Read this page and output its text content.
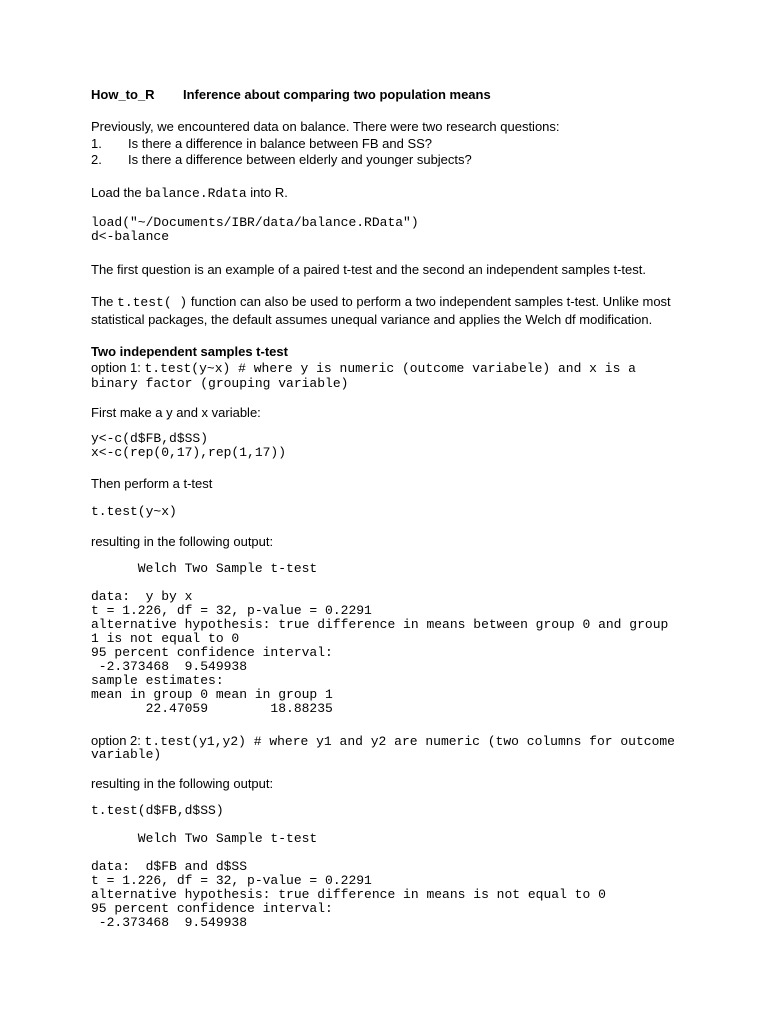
How_to_R Inference about comparing two population means
Previously, we encountered data on balance. There were two research questions:
1. Is there a difference in balance between FB and SS?
2. Is there a difference between elderly and younger subjects?
Load the balance.Rdata into R.
load("~/Documents/IBR/data/balance.RData")
d<-balance
The first question is an example of a paired t-test and the second an independent samples t-test.
The t.test( ) function can also be used to perform a two independent samples t-test. Unlike most
statistical packages, the default assumes unequal variance and applies the Welch df modification.
Two independent samples t-test
option 1: t.test(y~x) # where y is numeric (outcome variabele) and x is a
binary factor (grouping variable)
First make a y and x variable:
y<-c(d$FB,d$SS)
x<-c(rep(0,17),rep(1,17))
Then perform a t-test
t.test(y~x)
resulting in the following output:
Welch Two Sample t-test

data:  y by x
t = 1.226, df = 32, p-value = 0.2291
alternative hypothesis: true difference in means between group 0 and group
1 is not equal to 0
95 percent confidence interval:
-2.373468  9.549938
sample estimates:
mean in group 0 mean in group 1
22.47059        18.88235
option 2: t.test(y1,y2) # where y1 and y2 are numeric (two columns for outcome
variable)
resulting in the following output:
t.test(d$FB,d$SS)
Welch Two Sample t-test

data:  d$FB and d$SS
t = 1.226, df = 32, p-value = 0.2291
alternative hypothesis: true difference in means is not equal to 0
95 percent confidence interval:
-2.373468  9.549938
